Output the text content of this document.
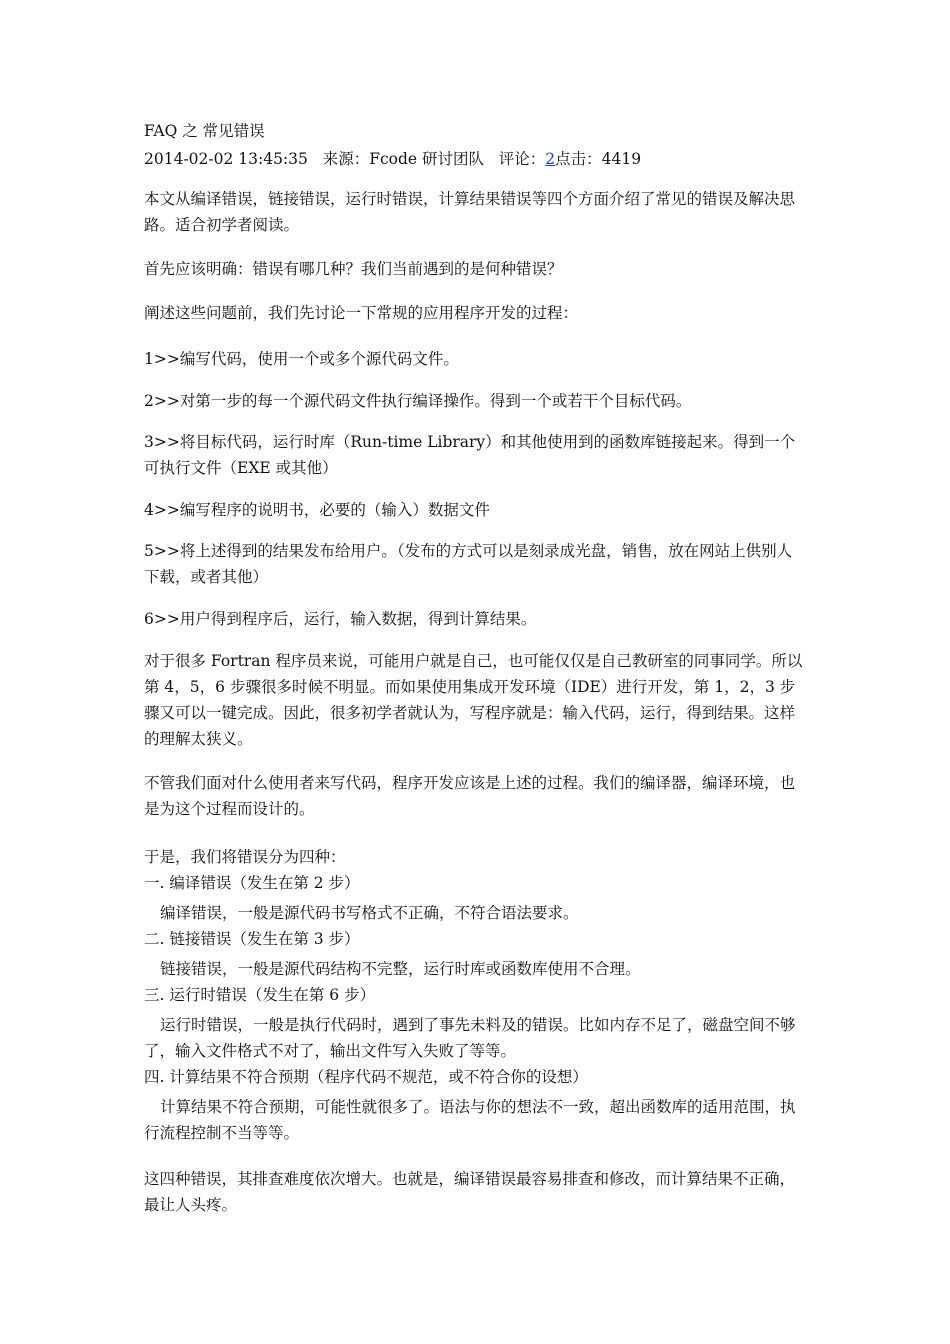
FAQ 之 常见错误
2014-02-02 13:45:35 来源：Fcode 研讨团队 评论：2点击：4419

本文从编译错误，链接错误，运行时错误，计算结果错误等四个方面介绍了常见的错误及解决思路。适合初学者阅读。

首先应该明确：错误有哪几种？我们当前遇到的是何种错误？

阐述这些问题前，我们先讨论一下常规的应用程序开发的过程：

1>>编写代码，使用一个或多个源代码文件。

2>>对第一步的每一个源代码文件执行编译操作。得到一个或若干个目标代码。

3>>将目标代码，运行时库（Run-time Library）和其他使用到的函数库链接起来。得到一个可执行文件（EXE 或其他）

4>>编写程序的说明书，必要的（输入）数据文件

5>>将上述得到的结果发布给用户。（发布的方式可以是刻录成光盘，销售，放在网站上供别人下载，或者其他）

6>>用户得到程序后，运行，输入数据，得到计算结果。

对于很多 Fortran 程序员来说，可能用户就是自己，也可能仅仅是自己教研室的同事同学。所以第 4，5，6 步骤很多时候不明显。而如果使用集成开发环境（IDE）进行开发，第 1，2，3 步骤又可以一键完成。因此，很多初学者就认为，写程序就是：输入代码，运行，得到结果。这样的理解太狭义。

不管我们面对什么使用者来写代码，程序开发应该是上述的过程。我们的编译器，编译环境，也是为这个过程而设计的。

于是，我们将错误分为四种：
一. 编译错误（发生在第 2 步）

编译错误，一般是源代码书写格式不正确，不符合语法要求。

二. 链接错误（发生在第 3 步）

链接错误，一般是源代码结构不完整，运行时库或函数库使用不合理。

三. 运行时错误（发生在第 6 步）

运行时错误，一般是执行代码时，遇到了事先未料及的错误。比如内存不足了，磁盘空间不够了，输入文件格式不对了，输出文件写入失败了等等。

四. 计算结果不符合预期（程序代码不规范，或不符合你的设想）

计算结果不符合预期，可能性就很多了。语法与你的想法不一致，超出函数库的适用范围，执行流程控制不当等等。

这四种错误，其排查难度依次增大。也就是，编译错误最容易排查和修改，而计算结果不正确，最让人头疼。
